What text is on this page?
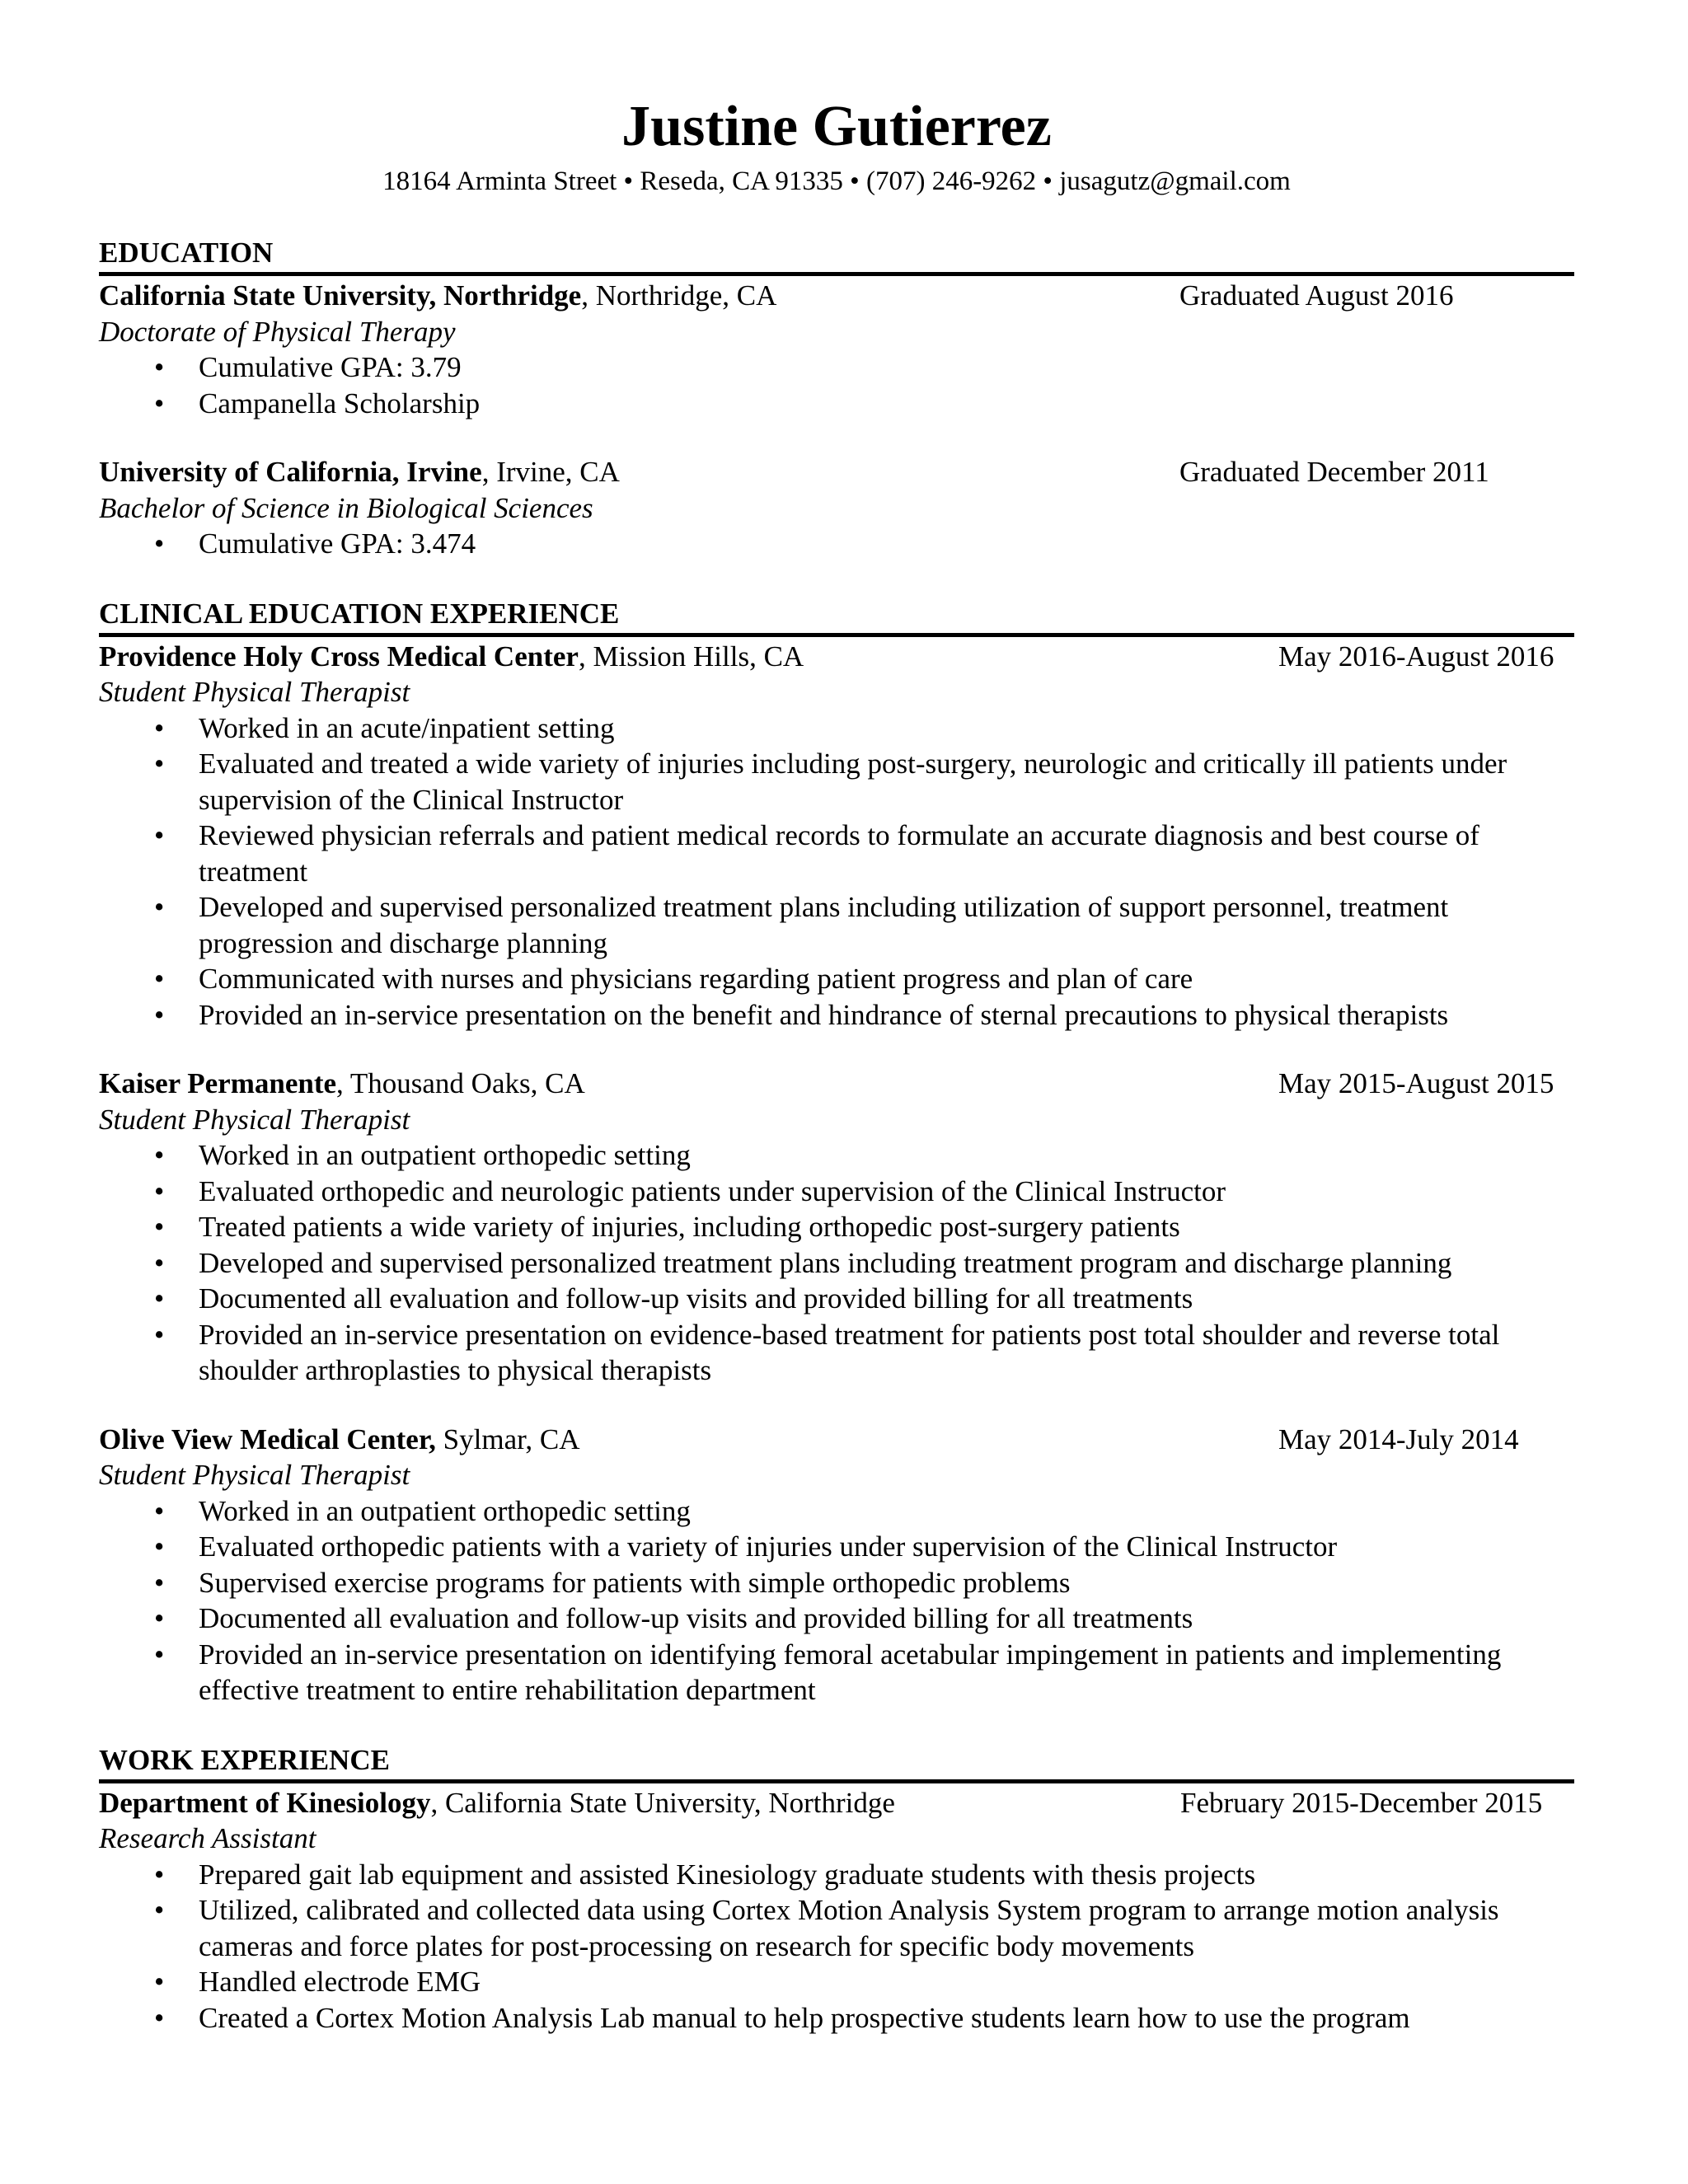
Justine Gutierrez

18164 Arminta Street • Reseda, CA 91335 • (707) 246-9262 • jusagutz@gmail.com

EDUCATION
California State University, Northridge, Northridge, CA	Graduated August 2016
Doctorate of Physical Therapy
• Cumulative GPA: 3.79
• Campanella Scholarship
University of California, Irvine, Irvine, CA	Graduated December 2011
Bachelor of Science in Biological Sciences
• Cumulative GPA: 3.474
CLINICAL EDUCATION EXPERIENCE
Providence Holy Cross Medical Center, Mission Hills, CA	May 2016-August 2016
Student Physical Therapist
• Worked in an acute/inpatient setting
• Evaluated and treated a wide variety of injuries including post-surgery, neurologic and critically ill patients under supervision of the Clinical Instructor
• Reviewed physician referrals and patient medical records to formulate an accurate diagnosis and best course of treatment
• Developed and supervised personalized treatment plans including utilization of support personnel, treatment progression and discharge planning
• Communicated with nurses and physicians regarding patient progress and plan of care
• Provided an in-service presentation on the benefit and hindrance of sternal precautions to physical therapists
Kaiser Permanente, Thousand Oaks, CA	May 2015-August 2015
Student Physical Therapist
• Worked in an outpatient orthopedic setting
• Evaluated orthopedic and neurologic patients under supervision of the Clinical Instructor
• Treated patients a wide variety of injuries, including orthopedic post-surgery patients
• Developed and supervised personalized treatment plans including treatment program and discharge planning
• Documented all evaluation and follow-up visits and provided billing for all treatments
• Provided an in-service presentation on evidence-based treatment for patients post total shoulder and reverse total shoulder arthroplasties to physical therapists
Olive View Medical Center, Sylmar, CA	May 2014-July 2014
Student Physical Therapist
• Worked in an outpatient orthopedic setting
• Evaluated orthopedic patients with a variety of injuries under supervision of the Clinical Instructor
• Supervised exercise programs for patients with simple orthopedic problems
• Documented all evaluation and follow-up visits and provided billing for all treatments
• Provided an in-service presentation on identifying femoral acetabular impingement in patients and implementing effective treatment to entire rehabilitation department
WORK EXPERIENCE
Department of Kinesiology, California State University, Northridge	February 2015-December 2015
Research Assistant
• Prepared gait lab equipment and assisted Kinesiology graduate students with thesis projects
• Utilized, calibrated and collected data using Cortex Motion Analysis System program to arrange motion analysis cameras and force plates for post-processing on research for specific body movements
• Handled electrode EMG
• Created a Cortex Motion Analysis Lab manual to help prospective students learn how to use the program
